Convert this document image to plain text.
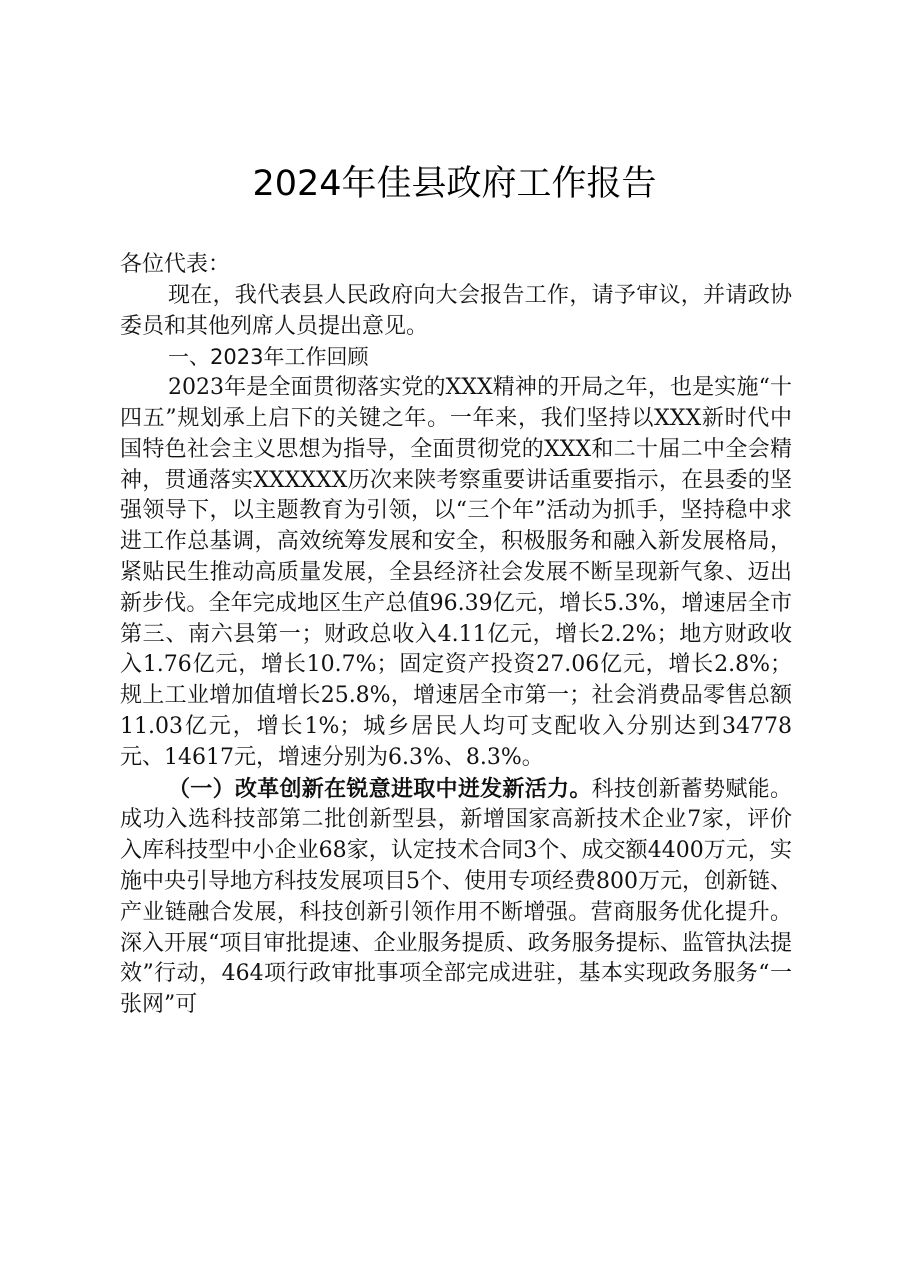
2024年佳县政府工作报告

各位代表：

现在，我代表县人民政府向大会报告工作，请予审议，并请政协委员和其他列席人员提出意见。

一、2023年工作回顾

2023年是全面贯彻落实党的XXX精神的开局之年，也是实施“十四五”规划承上启下的关键之年。一年来，我们坚持以XXX新时代中国特色社会主义思想为指导，全面贯彻党的XXX和二十届二中全会精神，贯通落实XXXXXX历次来陕考察重要讲话重要指示，在县委的坚强领导下，以主题教育为引领，以“三个年”活动为抓手，坚持稳中求进工作总基调，高效统筹发展和安全，积极服务和融入新发展格局，紧贴民生推动高质量发展，全县经济社会发展不断呈现新气象、迈出新步伐。全年完成地区生产总值96.39亿元，增长5.3%，增速居全市第三、南六县第一；财政总收入4.11亿元，增长2.2%；地方财政收入1.76亿元，增长10.7%；固定资产投资27.06亿元，增长2.8%；规上工业增加值增长25.8%，增速居全市第一；社会消费品零售总额11.03亿元，增长1%；城乡居民人均可支配收入分别达到34778元、14617元，增速分别为6.3%、8.3%。

（一）改革创新在锐意进取中迸发新活力。科技创新蓄势赋能。成功入选科技部第二批创新型县，新增国家高新技术企业7家，评价入库科技型中小企业68家，认定技术合同3个、成交额4400万元，实施中央引导地方科技发展项目5个、使用专项经费800万元，创新链、产业链融合发展，科技创新引领作用不断增强。营商服务优化提升。深入开展“项目审批提速、企业服务提质、政务服务提标、监管执法提效”行动，464项行政审批事项全部完成进驻，基本实现政务服务“一张网”可
